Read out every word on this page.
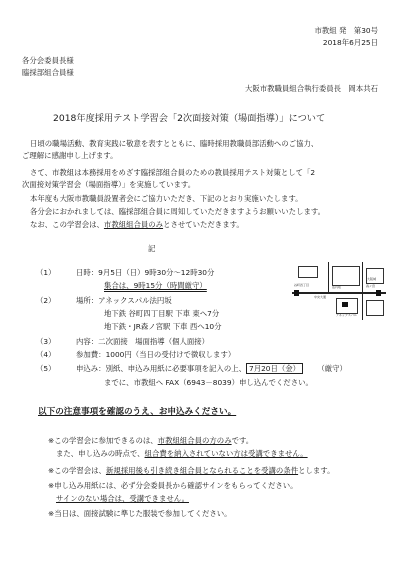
市教組 発　第30号
2018年6月25日
各分会委員長様
臨採部組合員様
大阪市教職員組合執行委員長　岡本共石
2018年度採用テスト学習会「2次面接対策（場面指導）」について
日頃の職場活動、教育実践に敬意を表すとともに、臨時採用教職員部活動へのご協力、
ご理解に感謝申し上げます。
さて、市教組は本務採用をめざす臨採部組合員のための教員採用テスト対策として「2
次面接対策学習会（場面指導）」を実施しています。
本年度も大阪市教職員設置者会にご協力いただき、下記のとおり実施いたします。
各分会におかれましては、臨採部組合員に周知していただきますようお願いいたします。
なお、この学習会は、市教組組合員のみとさせていただきます。
記
（1）	日時：9月5日（日）9時30分～12時30分
集合は、9時15分（時間厳守）
（2）	場所：アネックスパル法円坂
地下鉄 谷町四丁目駅 下車 東へ7分
地下鉄・JR森ノ宮駅 下車 西へ10分
（3）	内容：二次面接　場面指導（個人面接）
（4）	参加費：1000円（当日の受付けで徴収します）
（5）	申込み：別紙、申込み用紙に必要事項を記入の上、 7月20日（金）	（厳守）
までに、市教組へ FAX（6943－8039）申し込んでください。
谷町四丁目	森ノ宮
中央大通
法円坂
アネックスパル
大阪城
以下の注意事項を確認のうえ、お申込みください。
※この学習会に参加できるのは、市教組組合員の方のみです。
また、申し込みの時点で、組合費を納入されていない方は受講できません。
※この学習会は、新規採用後も引き続き組合員となられることを受講の条件とします。
※申し込み用紙には、必ず分会委員長から確認サインをもらってください。
サインのない場合は、受講できません。
※当日は、面接試験に準じた服装で参加してください。
